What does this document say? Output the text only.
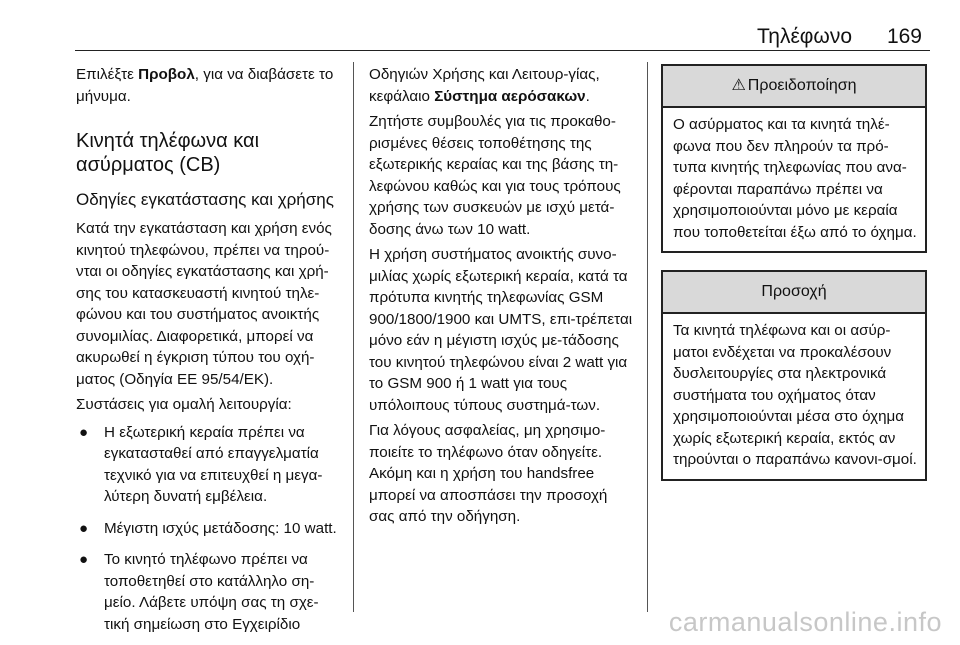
Τηλέφωνο 169

Επιλέξτε Προβολ, για να διαβάσετε το μήνυμα.

Κινητά τηλέφωνα και ασύρματος (CB)
Οδηγίες εγκατάστασης και χρήσης

Κατά την εγκατάσταση και χρήση ενός κινητού τηλεφώνου, πρέπει να τηρού-νται οι οδηγίες εγκατάστασης και χρή-σης του κατασκευαστή κινητού τηλε-φώνου και του συστήματος ανοικτής συνομιλίας. Διαφορετικά, μπορεί να ακυρωθεί η έγκριση τύπου του οχή-ματος (Οδηγία ΕΕ 95/54/ΕΚ).

Συστάσεις για ομαλή λειτουργία:

● Η εξωτερική κεραία πρέπει να εγκατασταθεί από επαγγελματία τεχνικό για να επιτευχθεί η μεγα-λύτερη δυνατή εμβέλεια.
● Μέγιστη ισχύς μετάδοσης: 10 watt.
● Το κινητό τηλέφωνο πρέπει να τοποθετηθεί στο κατάλληλο ση-μείο. Λάβετε υπόψη σας τη σχε-τική σημείωση στο Εγχειρίδιο

Οδηγιών Χρήσης και Λειτουρ-γίας, κεφάλαιο Σύστημα αερόσακων.

Ζητήστε συμβουλές για τις προκαθο-ρισμένες θέσεις τοποθέτησης της εξωτερικής κεραίας και της βάσης τη-λεφώνου καθώς και για τους τρόπους χρήσης των συσκευών με ισχύ μετά-δοσης άνω των 10 watt.

Η χρήση συστήματος ανοικτής συνο-μιλίας χωρίς εξωτερική κεραία, κατά τα πρότυπα κινητής τηλεφωνίας GSM 900/1800/1900 και UMTS, επι-τρέπεται μόνο εάν η μέγιστη ισχύς με-τάδοσης του κινητού τηλεφώνου είναι 2 watt για το GSM 900 ή 1 watt για τους υπόλοιπους τύπους συστημά-των.

Για λόγους ασφαλείας, μη χρησιμο-ποιείτε το τηλέφωνο όταν οδηγείτε. Ακόμη και η χρήση του handsfree μπορεί να αποσπάσει την προσοχή σας από την οδήγηση.

⚠ Προειδοποίηση
Ο ασύρματος και τα κινητά τηλέ-φωνα που δεν πληρούν τα πρό-τυπα κινητής τηλεφωνίας που ανα-φέρονται παραπάνω πρέπει να χρησιμοποιούνται μόνο με κεραία που τοποθετείται έξω από το όχημα.
Προσοχή
Τα κινητά τηλέφωνα και οι ασύρ-ματοι ενδέχεται να προκαλέσουν δυσλειτουργίες στα ηλεκτρονικά συστήματα του οχήματος όταν χρησιμοποιούνται μέσα στο όχημα χωρίς εξωτερική κεραία, εκτός αν τηρούνται ο παραπάνω κανονι-σμοί.
carmanualsonline.info
